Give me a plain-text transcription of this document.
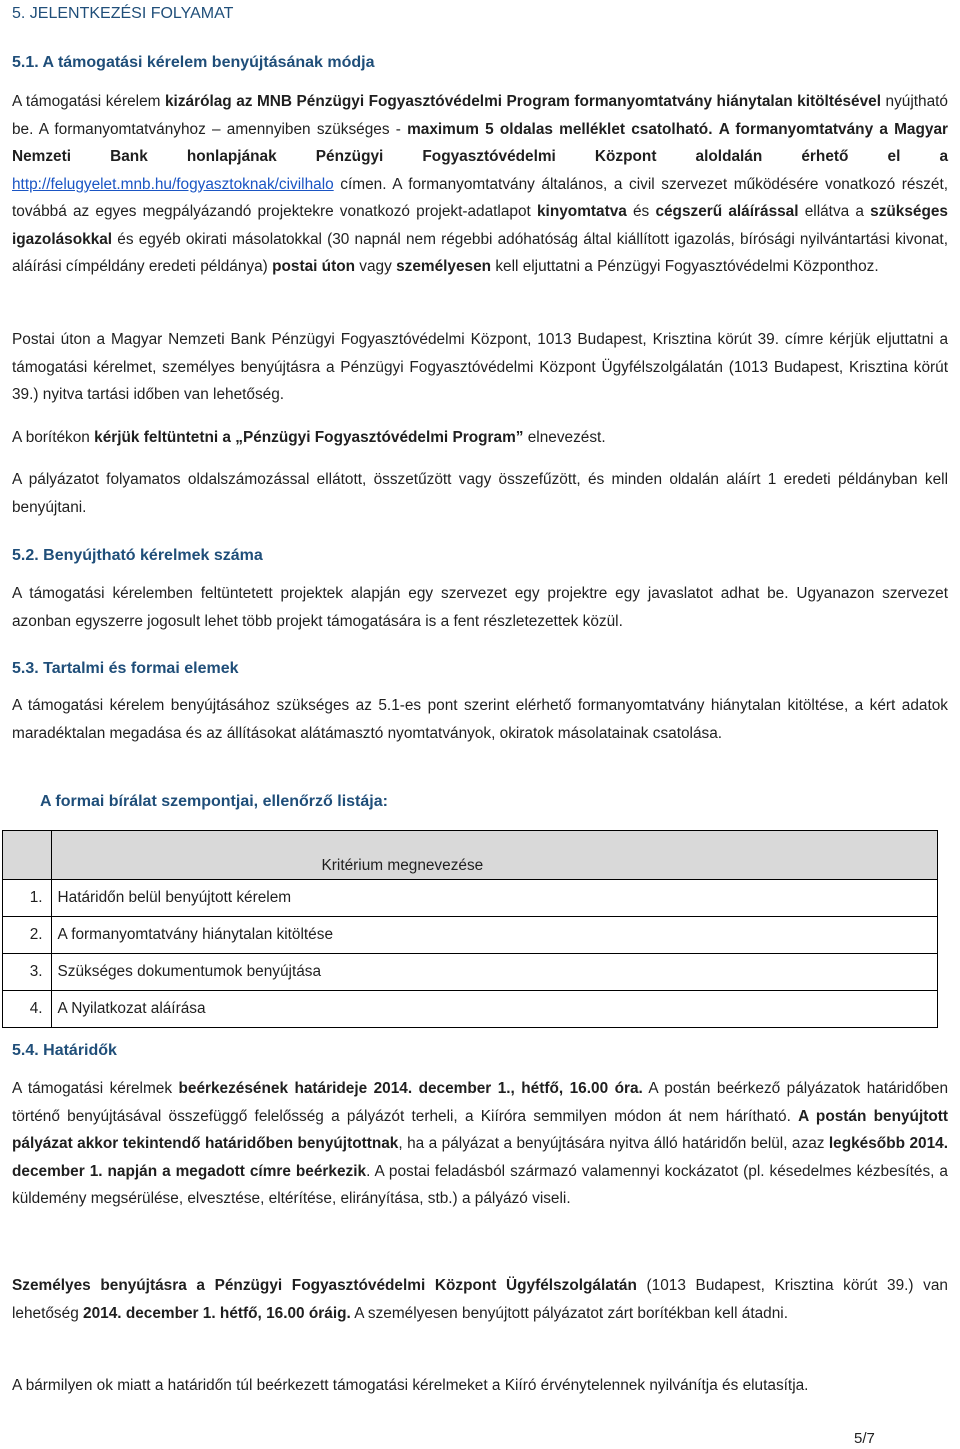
5. JELENTKEZÉSI FOLYAMAT
5.1. A támogatási kérelem benyújtásának módja

A támogatási kérelem kizárólag az MNB Pénzügyi Fogyasztóvédelmi Program formanyomtatvány hiánytalan kitöltésével nyújtható be. A formanyomtatványhoz – amennyiben szükséges - maximum 5 oldalas melléklet csatolható. A formanyomtatvány a Magyar Nemzeti Bank honlapjának Pénzügyi Fogyasztóvédelmi Központ aloldalán érhető el a http://felugyelet.mnb.hu/fogyasztoknak/civilhalo címen. A formanyomtatvány általános, a civil szervezet működésére vonatkozó részét, továbbá az egyes megpályázandó projektekre vonatkozó projekt-adatlapot kinyomtatva és cégszerű aláírással ellátva a szükséges igazolásokkal és egyéb okirati másolatokkal (30 napnál nem régebbi adóhatóság által kiállított igazolás, bírósági nyilvántartási kivonat, aláírási címpéldány eredeti példánya) postai úton vagy személyesen kell eljuttatni a Pénzügyi Fogyasztóvédelmi Központhoz.

Postai úton a Magyar Nemzeti Bank Pénzügyi Fogyasztóvédelmi Központ, 1013 Budapest, Krisztina körút 39. címre kérjük eljuttatni a támogatási kérelmet, személyes benyújtásra a Pénzügyi Fogyasztóvédelmi Központ Ügyfélszolgálatán (1013 Budapest, Krisztina körút 39.) nyitva tartási időben van lehetőség.

A borítékon kérjük feltüntetni a „Pénzügyi Fogyasztóvédelmi Program” elnevezést.

A pályázatot folyamatos oldalszámozással ellátott, összetűzött vagy összefűzött, és minden oldalán aláírt 1 eredeti példányban kell benyújtani.

5.2. Benyújtható kérelmek száma

A támogatási kérelemben feltüntetett projektek alapján egy szervezet egy projektre egy javaslatot adhat be. Ugyanazon szervezet azonban egyszerre jogosult lehet több projekt támogatására is a fent részletezettek közül.

5.3. Tartalmi és formai elemek

A támogatási kérelem benyújtásához szükséges az 5.1-es pont szerint elérhető formanyomtatvány hiánytalan kitöltése, a kért adatok maradéktalan megadása és az állításokat alátámasztó nyomtatványok, okiratok másolatainak csatolása.

A formai bírálat szempontjai, ellenőrző listája:
	Kritérium megnevezése
1.	Határidőn belül benyújtott kérelem
2.	A formanyomtatvány hiánytalan kitöltése
3.	Szükséges dokumentumok benyújtása
4.	A Nyilatkozat aláírása
5.4. Határidők

A támogatási kérelmek beérkezésének határideje 2014. december 1., hétfő, 16.00 óra. A postán beérkező pályázatok határidőben történő benyújtásával összefüggő felelősség a pályázót terheli, a Kiíróra semmilyen módon át nem hárítható. A postán benyújtott pályázat akkor tekintendő határidőben benyújtottnak, ha a pályázat a benyújtására nyitva álló határidőn belül, azaz legkésőbb 2014. december 1. napján a megadott címre beérkezik. A postai feladásból származó valamennyi kockázatot (pl. késedelmes kézbesítés, a küldemény megsérülése, elvesztése, eltérítése, elirányítása, stb.) a pályázó viseli.

Személyes benyújtásra a Pénzügyi Fogyasztóvédelmi Központ Ügyfélszolgálatán (1013 Budapest, Krisztina körút 39.) van lehetőség 2014. december 1. hétfő, 16.00 óráig. A személyesen benyújtott pályázatot zárt borítékban kell átadni.

A bármilyen ok miatt a határidőn túl beérkezett támogatási kérelmeket a Kiíró érvénytelennek nyilvánítja és elutasítja.

5/7
